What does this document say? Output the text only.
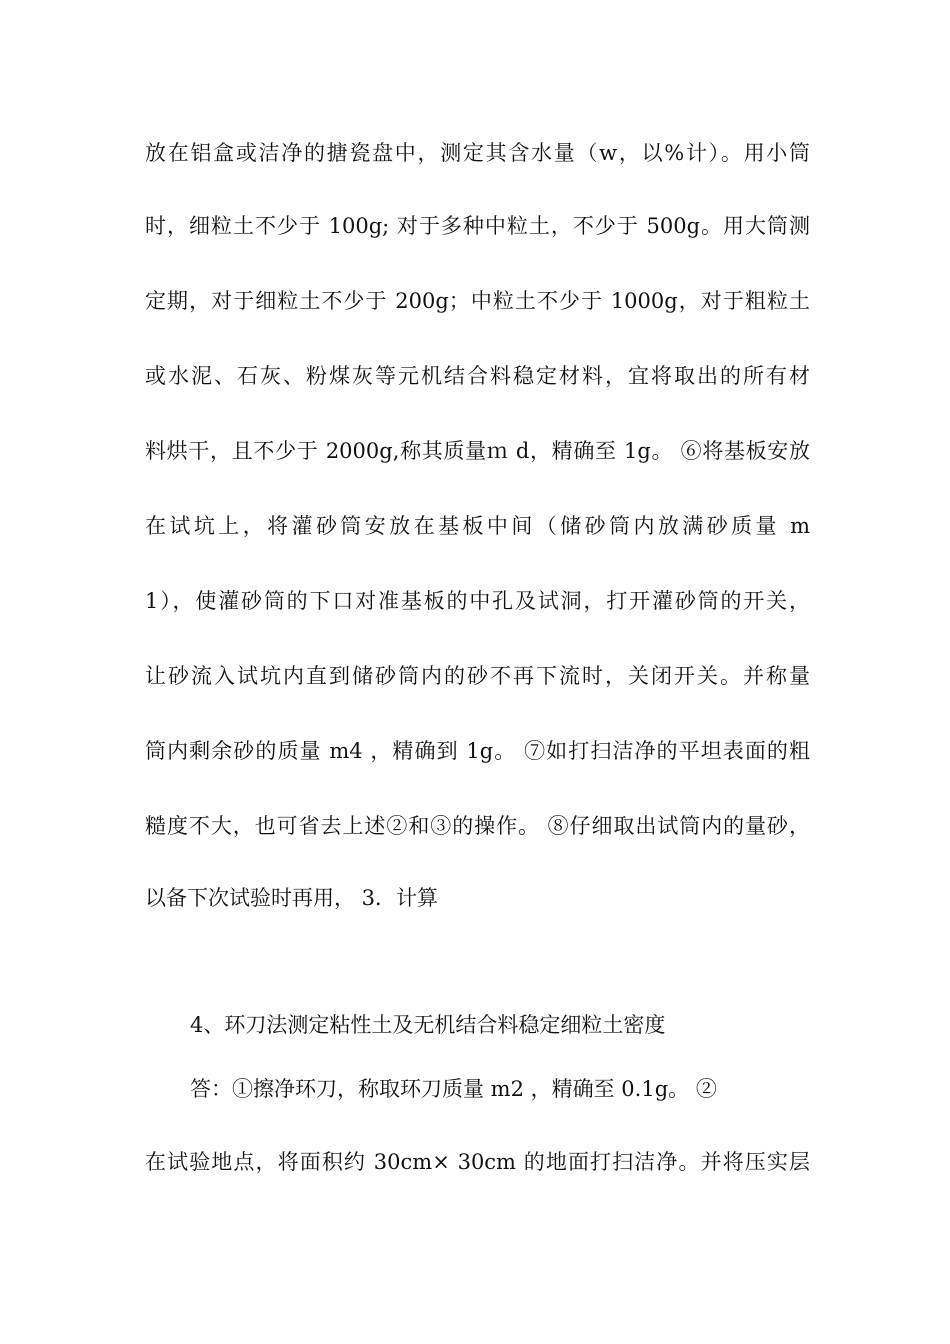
放在铝盒或洁净的搪瓷盘中，测定其含水量（w，以%计）。用小筒
时，细粒土不少于 100g; 对于多种中粒土，不少于 500g。用大筒测
定期，对于细粒土不少于 200g；中粒土不少于 1000g，对于粗粒土
或水泥、石灰、粉煤灰等元机结合料稳定材料，宜将取出的所有材
料烘干，且不少于 2000g,称其质量ｍ d，精确至 1g。 ⑥将基板安放
在试坑上，将灌砂筒安放在基板中间（储砂筒内放满砂质量 m
1），使灌砂筒的下口对准基板的中孔及试洞，打开灌砂筒的开关，
让砂流入试坑内直到储砂筒内的砂不再下流时，关闭开关。并称量
筒内剩余砂的质量 m4 ，精确到 1g。 ⑦如打扫洁净的平坦表面的粗
糙度不大，也可省去上述②和③的操作。 ⑧仔细取出试筒内的量砂，
以备下次试验时再用， 3．计算
4、环刀法测定粘性土及无机结合料稳定细粒土密度
答：①擦净环刀，称取环刀质量 m2 ，精确至 0.1g。 ②
在试验地点，将面积约 30cm× 30cm 的地面打扫洁净。并将压实层
